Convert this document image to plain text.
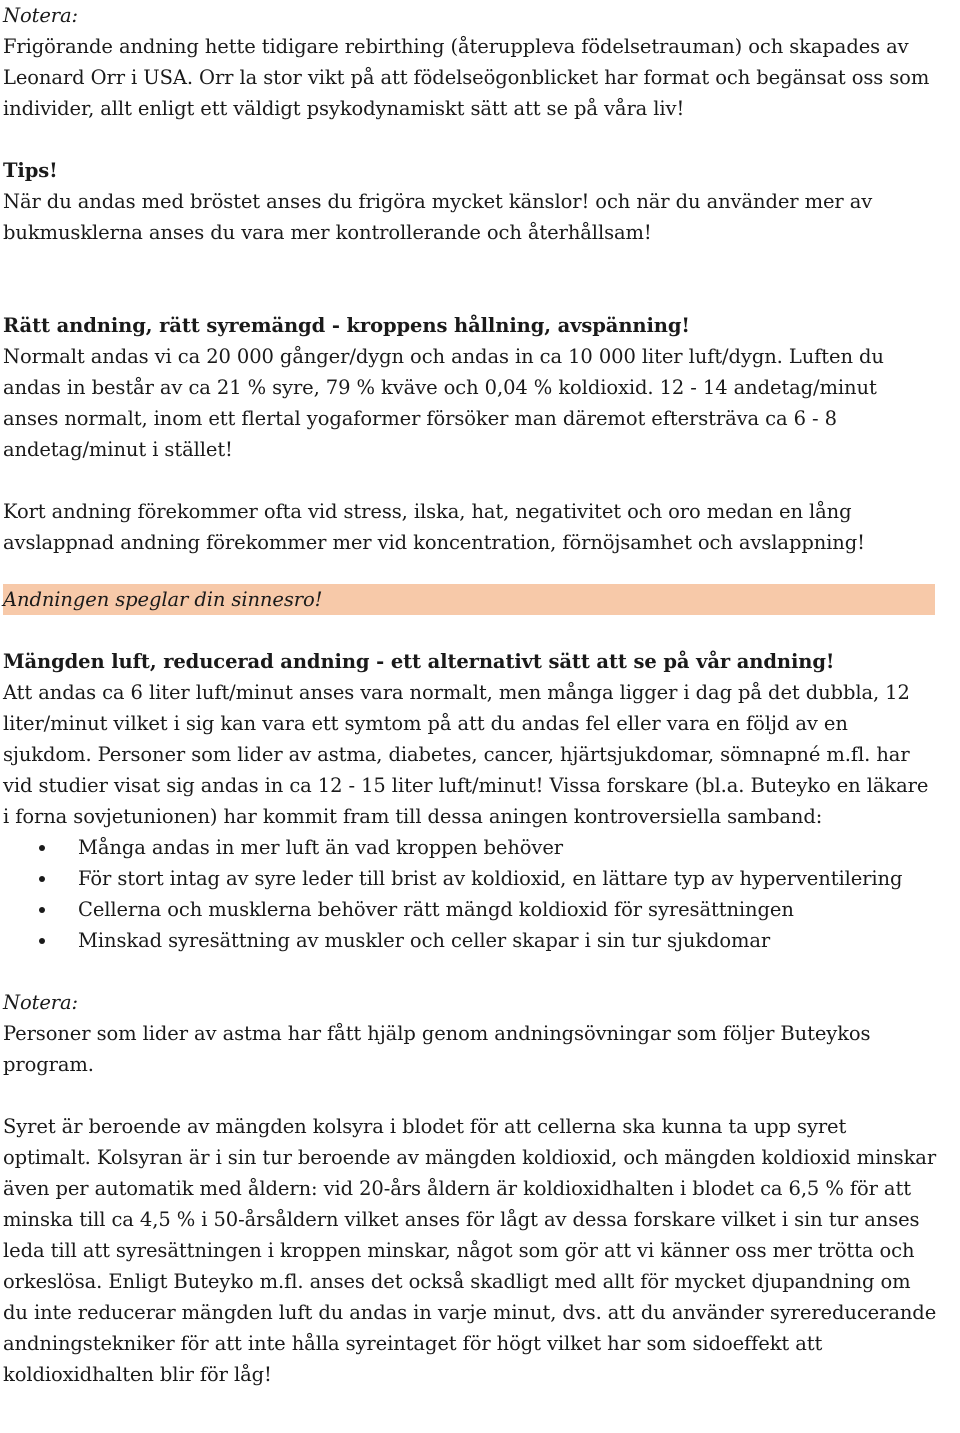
Notera:

Frigörande andning hette tidigare rebirthing (återuppleva födelsetrauman) och skapades av Leonard Orr i USA. Orr la stor vikt på att födelseögonblicket har format och begänsat oss som individer, allt enligt ett väldigt psykodynamiskt sätt att se på våra liv!

Tips!

När du andas med bröstet anses du frigöra mycket känslor! och när du använder mer av bukmusklerna anses du vara mer kontrollerande och återhållsam!

Rätt andning, rätt syremängd - kroppens hållning, avspänning!

Normalt andas vi ca 20 000 gånger/dygn och andas in ca 10 000 liter luft/dygn. Luften du andas in består av ca 21 % syre, 79 % kväve och 0,04 % koldioxid. 12 - 14 andetag/minut anses normalt, inom ett flertal yogaformer försöker man däremot eftersträva ca 6 - 8 andetag/minut i stället!

Kort andning förekommer ofta vid stress, ilska, hat, negativitet och oro medan en lång avslappnad andning förekommer mer vid koncentration, förnöjsamhet och avslappning!

Andningen speglar din sinnesro!
Mängden luft, reducerad andning - ett alternativt sätt att se på vår andning!

Att andas ca 6 liter luft/minut anses vara normalt, men många ligger i dag på det dubbla, 12 liter/minut vilket i sig kan vara ett symtom på att du andas fel eller vara en följd av en sjukdom. Personer som lider av astma, diabetes, cancer, hjärtsjukdomar, sömnapné m.fl. har vid studier visat sig andas in ca 12 - 15 liter luft/minut! Vissa forskare (bl.a. Buteyko en läkare i forna sovjetunionen) har kommit fram till dessa aningen kontroversiella samband:

Många andas in mer luft än vad kroppen behöver
För stort intag av syre leder till brist av koldioxid, en lättare typ av hyperventilering
Cellerna och musklerna behöver rätt mängd koldioxid för syresättningen
Minskad syresättning av muskler och celler skapar i sin tur sjukdomar
Notera:

Personer som lider av astma har fått hjälp genom andningsövningar som följer Buteykos program.

Syret är beroende av mängden kolsyra i blodet för att cellerna ska kunna ta upp syret optimalt. Kolsyran är i sin tur beroende av mängden koldioxid, och mängden koldioxid minskar även per automatik med åldern: vid 20-års åldern är koldioxidhalten i blodet ca 6,5 % för att minska till ca 4,5 % i 50-årsåldern vilket anses för lågt av dessa forskare vilket i sin tur anses leda till att syresättningen i kroppen minskar, något som gör att vi känner oss mer trötta och orkeslösa. Enligt Buteyko m.fl. anses det också skadligt med allt för mycket djupandning om du inte reducerar mängden luft du andas in varje minut, dvs. att du använder syrereducerande andningstekniker för att inte hålla syreintaget för högt vilket har som sidoeffekt att koldioxidhalten blir för låg!
